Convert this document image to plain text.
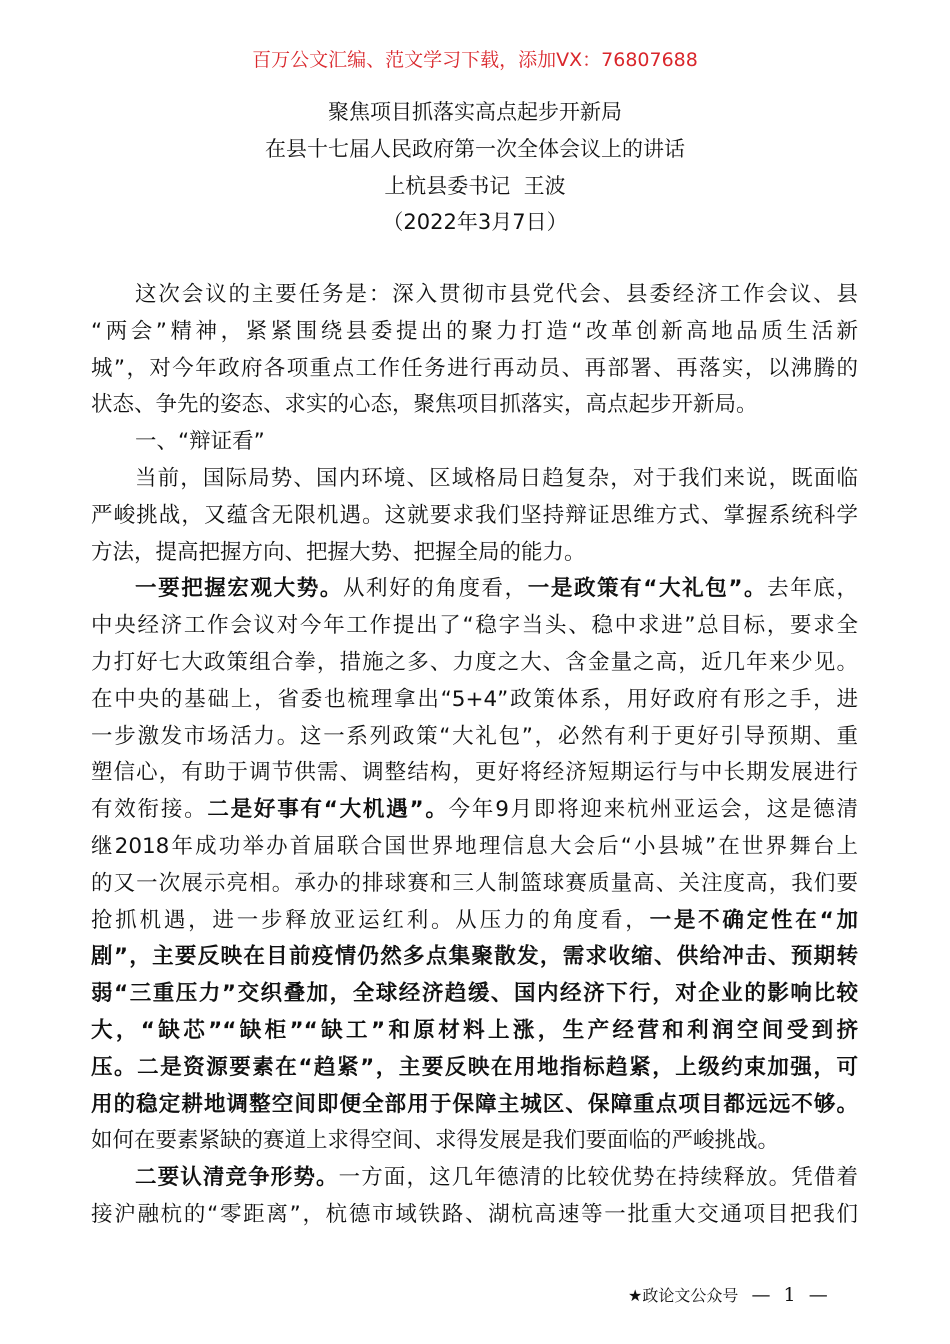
百万公文汇编、范文学习下载，添加VX：76807688
聚焦项目抓落实高点起步开新局
在县十七届人民政府第一次全体会议上的讲话
上杭县委书记  王波
（2022年3月7日）
这次会议的主要任务是：深入贯彻市县党代会、县委经济工作会议、县
“两会”精神，紧紧围绕县委提出的聚力打造“改革创新高地品质生活新
城”，对今年政府各项重点工作任务进行再动员、再部署、再落实，以沸腾的
状态、争先的姿态、求实的心态，聚焦项目抓落实，高点起步开新局。
一、“辩证看”
当前，国际局势、国内环境、区域格局日趋复杂，对于我们来说，既面临
严峻挑战，又蕴含无限机遇。这就要求我们坚持辩证思维方式、掌握系统科学
方法，提高把握方向、把握大势、把握全局的能力。
一要把握宏观大势。从利好的角度看，一是政策有“大礼包”。去年底，
中央经济工作会议对今年工作提出了“稳字当头、稳中求进”总目标，要求全
力打好七大政策组合拳，措施之多、力度之大、含金量之高，近几年来少见。
在中央的基础上，省委也梳理拿出“5+4”政策体系，用好政府有形之手，进
一步激发市场活力。这一系列政策“大礼包”，必然有利于更好引导预期、重
塑信心，有助于调节供需、调整结构，更好将经济短期运行与中长期发展进行
有效衔接。二是好事有“大机遇”。今年9月即将迎来杭州亚运会，这是德清
继2018年成功举办首届联合国世界地理信息大会后“小县城”在世界舞台上
的又一次展示亮相。承办的排球赛和三人制篮球赛质量高、关注度高，我们要
抢抓机遇，进一步释放亚运红利。从压力的角度看，一是不确定性在“加
剧”，主要反映在目前疫情仍然多点集聚散发，需求收缩、供给冲击、预期转
弱“三重压力”交织叠加，全球经济趋缓、国内经济下行，对企业的影响比较
大，“缺芯”“缺柜”“缺工”和原材料上涨，生产经营和利润空间受到挤
压。二是资源要素在“趋紧”，主要反映在用地指标趋紧，上级约束加强，可
用的稳定耕地调整空间即便全部用于保障主城区、保障重点项目都远远不够。
如何在要素紧缺的赛道上求得空间、求得发展是我们要面临的严峻挑战。
二要认清竞争形势。一方面，这几年德清的比较优势在持续释放。凭借着
接沪融杭的“零距离”，杭德市域铁路、湖杭高速等一批重大交通项目把我们
★政论文公众号 — 1 —
